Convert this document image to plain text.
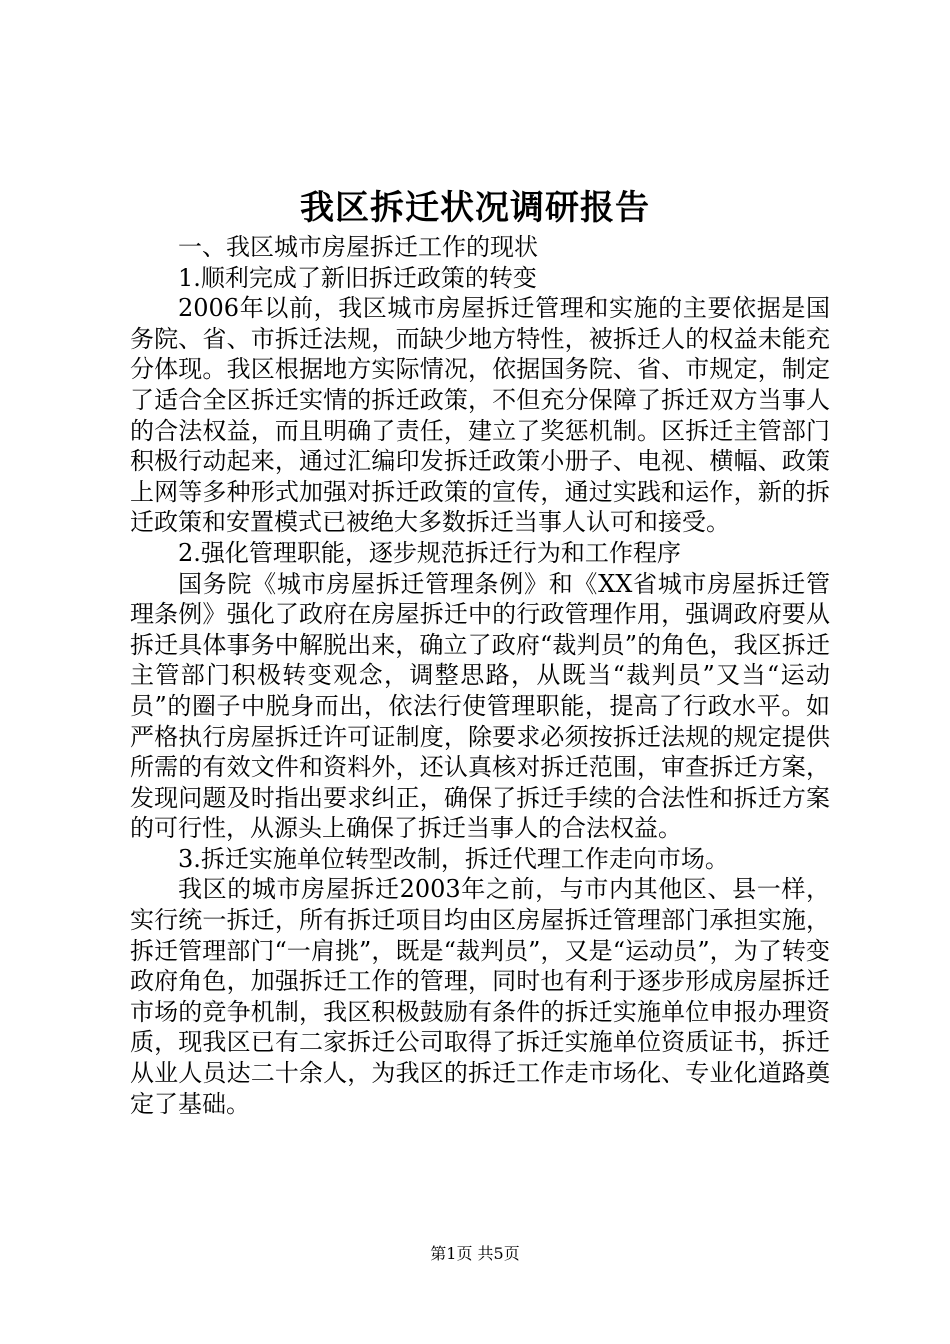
我区拆迁状况调研报告

一、我区城市房屋拆迁工作的现状

1.顺利完成了新旧拆迁政策的转变

2006年以前，我区城市房屋拆迁管理和实施的主要依据是国务院、省、市拆迁法规，而缺少地方特性，被拆迁人的权益未能充分体现。我区根据地方实际情况，依据国务院、省、市规定，制定了适合全区拆迁实情的拆迁政策，不但充分保障了拆迁双方当事人的合法权益，而且明确了责任，建立了奖惩机制。区拆迁主管部门积极行动起来，通过汇编印发拆迁政策小册子、电视、横幅、政策上网等多种形式加强对拆迁政策的宣传，通过实践和运作，新的拆迁政策和安置模式已被绝大多数拆迁当事人认可和接受。

2.强化管理职能，逐步规范拆迁行为和工作程序

国务院《城市房屋拆迁管理条例》和《XX省城市房屋拆迁管理条例》强化了政府在房屋拆迁中的行政管理作用，强调政府要从拆迁具体事务中解脱出来，确立了政府“裁判员”的角色，我区拆迁主管部门积极转变观念，调整思路，从既当“裁判员”又当“运动员”的圈子中脱身而出，依法行使管理职能，提高了行政水平。如严格执行房屋拆迁许可证制度，除要求必须按拆迁法规的规定提供所需的有效文件和资料外，还认真核对拆迁范围，审查拆迁方案，发现问题及时指出要求纠正，确保了拆迁手续的合法性和拆迁方案的可行性，从源头上确保了拆迁当事人的合法权益。

3.拆迁实施单位转型改制，拆迁代理工作走向市场。

我区的城市房屋拆迁2003年之前，与市内其他区、县一样，实行统一拆迁，所有拆迁项目均由区房屋拆迁管理部门承担实施，拆迁管理部门“一肩挑”，既是“裁判员”，又是“运动员”，为了转变政府角色，加强拆迁工作的管理，同时也有利于逐步形成房屋拆迁市场的竞争机制，我区积极鼓励有条件的拆迁实施单位申报办理资质，现我区已有二家拆迁公司取得了拆迁实施单位资质证书，拆迁从业人员达二十余人，为我区的拆迁工作走市场化、专业化道路奠定了基础。

第1页 共5页
